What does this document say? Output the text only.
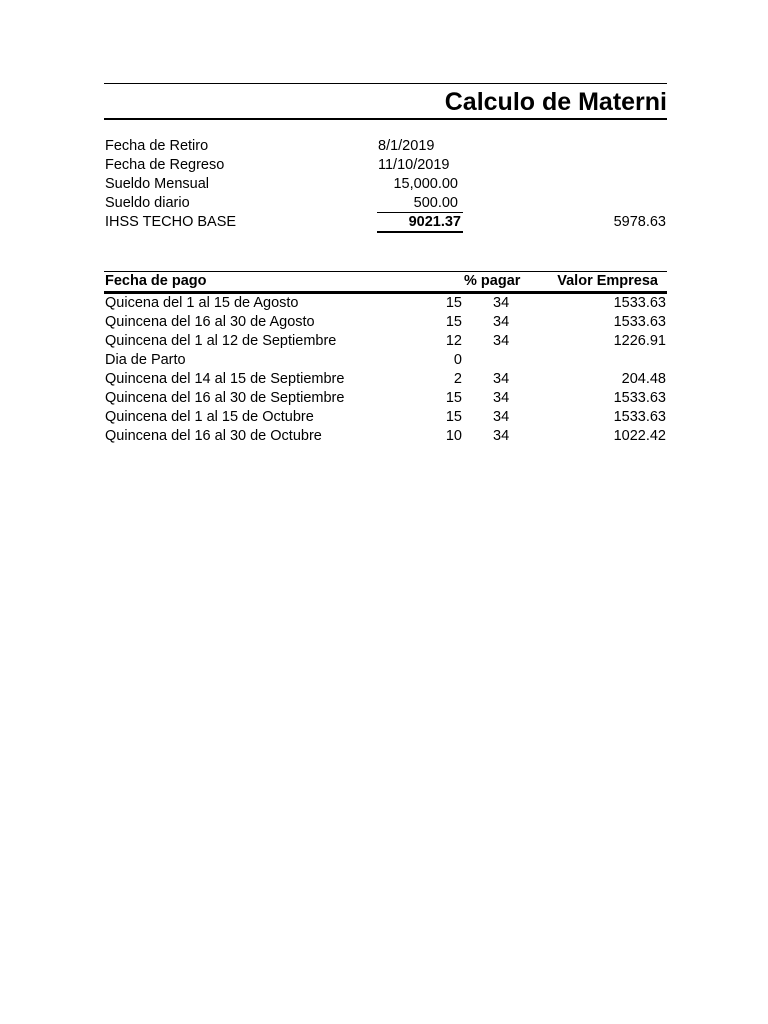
Calculo de Materni
Fecha de Retiro	8/1/2019
Fecha de Regreso	11/10/2019
Sueldo Mensual	15,000.00
Sueldo diario	500.00
IHSS TECHO BASE	9021.37	5978.63
Fecha de pago	% pagar	Valor Empresa
Quicena del 1 al 15 de Agosto	15 34	1533.63
Quincena del 16 al 30 de Agosto	15 34	1533.63
Quincena del 1 al 12 de Septiembre	12 34	1226.91
Dia de Parto	0
Quincena del 14 al 15 de Septiembre	2 34	204.48
Quincena del 16 al 30 de Septiembre	15 34	1533.63
Quincena del 1 al 15 de Octubre	15 34	1533.63
Quincena del 16 al 30 de Octubre	10 34	1022.42
